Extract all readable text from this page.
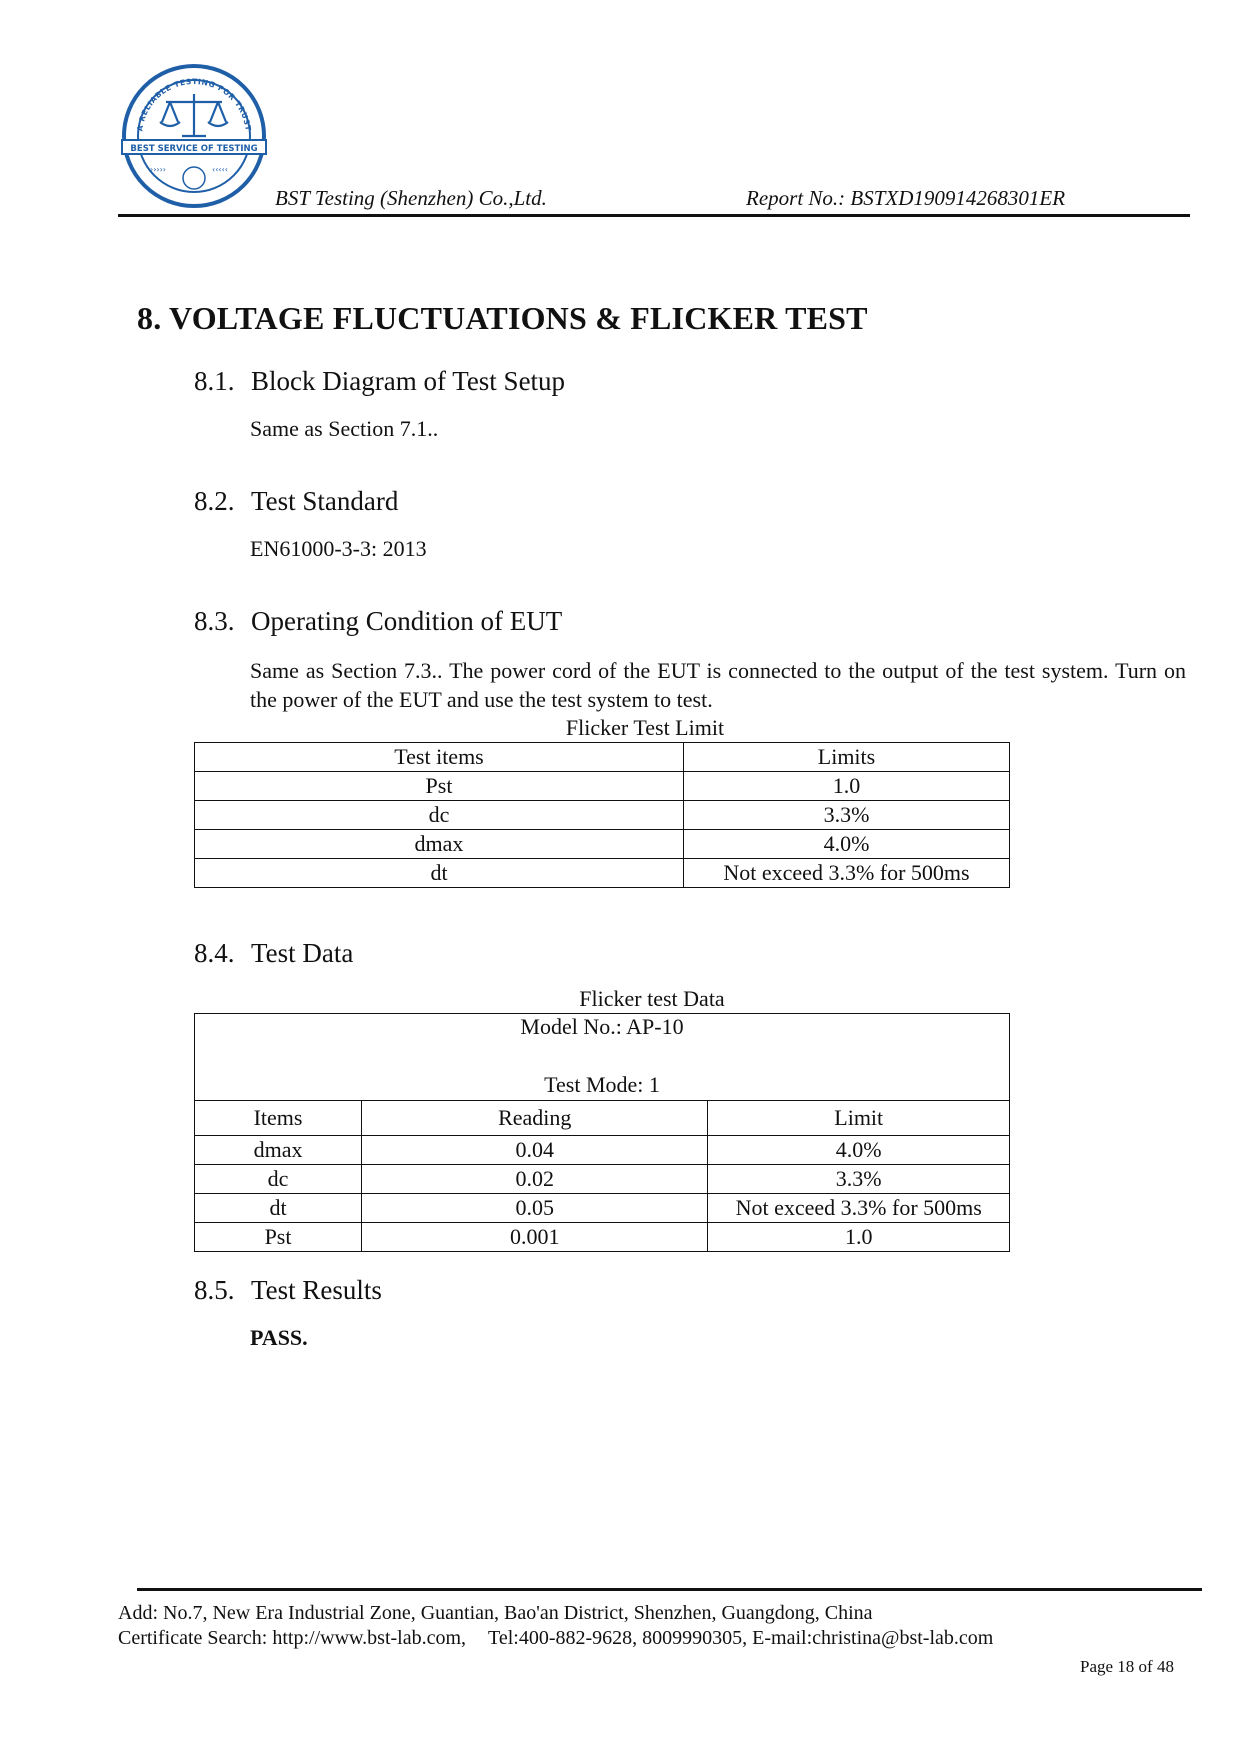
A RELIABLE TESTING FOR TRUST
BEST SERVICE OF TESTING
›››››	‹‹‹‹‹
BST Testing (Shenzhen) Co.,Ltd.	Report No.: BSTXD190914268301ER
8. VOLTAGE FLUCTUATIONS & FLICKER TEST
8.1. Block Diagram of Test Setup
Same as Section 7.1..
8.2. Test Standard
EN61000-3-3: 2013
8.3. Operating Condition of EUT
Same as Section 7.3.. The power cord of the EUT is connected to the output of the test system. Turn on the power of the EUT and use the test system to test.
Flicker Test Limit
Test items	Limits
Pst	1.0
dc	3.3%
dmax	4.0%
dt	Not exceed 3.3% for 500ms
8.4. Test Data
Flicker test Data
Model No.: AP-10
Test Mode: 1		

Items	Reading	Limit
dmax	0.04	4.0%
dc	0.02	3.3%
dt	0.05	Not exceed 3.3% for 500ms
Pst	0.001	1.0
8.5. Test Results
PASS.
Add: No.7, New Era Industrial Zone, Guantian, Bao'an District, Shenzhen, Guangdong, China
Certificate Search: http://www.bst-lab.com, Tel:400-882-9628, 8009990305, E-mail:christina@bst-lab.com
Page 18 of 48
